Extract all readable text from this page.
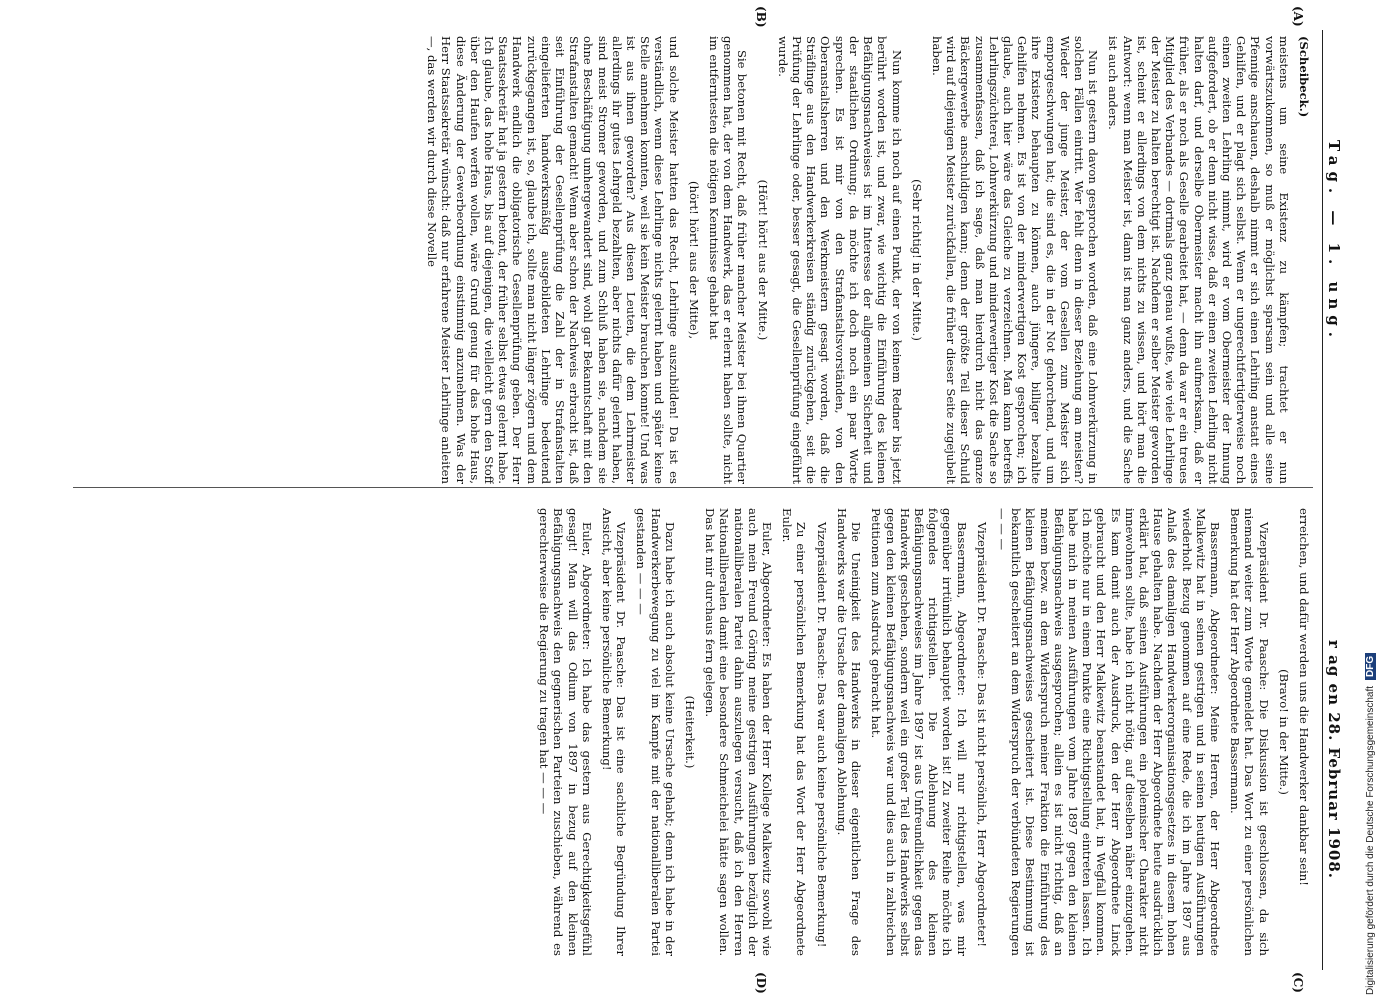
Tag. — 1. ung.
r ag en 28. Februar 1908.
(A)
(B)
(C)
(D)

(Scheibeck.)

meistens um seine Existenz zu kämpfen; trachtet er nun vorwärtszukommen, so muß er möglichst sparsam sein und alle seine Pfennige anschauen, deshalb nimmt er sich einen Lehrling anstatt eines Gehilfen, und er plagt sich selbst. Wenn er ungerechtfertigterweise noch einen zweiten Lehrling nimmt, wird er vom Obermeister der Innung aufgefordert, ob er denn nicht wisse, daß er einen zweiten Lehrling nicht halten darf, und derselbe Obermeister macht ihn aufmerksam, daß er früher, als er noch als Geselle gearbeitet hat, — denn da war er ein treues Mitglied des Verbandes — dortmals ganz genau wußte, wie viele Lehrlinge der Meister zu halten berechtigt ist. Nachdem er selber Meister geworden ist, scheint er allerdings von dem nichts zu wissen, und hört man die Antwort: wenn man Meister ist, dann ist man ganz anders, und die Sache ist auch anders.

Nun ist gestern davon gesprochen worden, daß eine Lohnverkürzung in solchen Fällen eintritt. Wer fehlt denn in dieser Beziehung am meisten? Wieder der junge Meister, der vom Gesellen zum Meister sich emporgeschwungen hat; die sind es, die in der Not gehorchend, und um ihre Existenz behaupten zu können, auch jüngere, billiger bezahlte Gehilfen nehmen. Es ist von der minderwertigen Kost gesprochen; ich glaube, auch hier wäre das Gleiche zu verzeichnen. Man kann betreffs Lehrlingszüchterei, Lohnverkürzung und minderwertiger Kost die Sache so zusammenfassen, daß ich sage, daß man hierdurch nicht das ganze Bäckergewerbe anschuldigen kann; denn der größte Teil dieser Schuld wird auf diejenigen Meister zurückfallen, die früher dieser Seite zugejubelt haben.

(Sehr richtig! in der Mitte.)

Nun komme ich noch auf einen Punkt, der von keinem Redner bis jetzt berührt worden ist, und zwar, wie wichtig die Einführung des kleinen Befähigungsnachweises ist im Interesse der allgemeinen Sicherheit und der staatlichen Ordnung; da möchte ich doch noch ein paar Worte sprechen. Es ist mir von den Strafanstaltsvorständen, von den Oberanstaltsherren und den Werkmeistern gesagt worden, daß die Sträflinge aus den Handwerkerkreisen ständig zurückgehen, seit die Prüfung der Lehrlinge oder, besser gesagt, die Gesellenprüfung eingeführt wurde.

(Hört! hört! aus der Mitte.)

Sie betonen mit Recht, daß früher mancher Meister bei ihnen Quartier genommen hat, der von dem Handwerk, das er erlernt haben sollte, nicht im entferntesten die nötigen Kenntnisse gehabt hat

(hört! hört! aus der Mitte),

und solche Meister hatten das Recht, Lehrlinge auszubilden! Da ist es verständlich, wenn diese Lehrlinge nichts gelernt haben und später keine Stelle annehmen konnten, weil sie kein Meister brauchen konnte! Und was ist aus ihnen geworden? Aus diesen Leuten, die dem Lehrmeister allerdings ihr gutes Lehrgeld bezahlten, aber nichts dafür gelernt haben, sind meist Stromer geworden, und zum Schluß haben sie, nachdem sie ohne Beschäftigung umhergewandert sind, wohl gar Bekanntschaft mit den Strafanstalten gemacht! Wenn aber schon der Nachweis erbracht ist, daß seit Einführung der Gesellenprüfung die Zahl der in Strafanstalten eingelieferten handwerksmäßig ausgebildeten Lehrlinge bedeutend zurückgegangen ist, so, glaube ich, sollte man nicht länger zögern und dem Handwerk endlich die obligatorische Gesellenprüfung geben. Der Herr Staatssekretär hat ja gestern betont, der früher selbst etwas gelernt habe. Ich glaube, das hohe Haus, bis auf diejenigen, die vielleicht gern den Stoff über den Haufen werfen wollen, wäre Grund genug für das hohe Haus, diese Änderung der Gewerbeordnung einstimmig anzunehmen. Was der Herr Staatssekretär wünscht: daß nur erfahrene Meister Lehrlinge anleiten —, das werden wir durch diese Novelle

erreichen, und dafür werden uns die Handwerker dankbar sein!

(Bravo! in der Mitte.)

Vizepräsident Dr. Paasche: Die Diskussion ist geschlossen, da sich niemand weiter zum Worte gemeldet hat. Das Wort zu einer persönlichen Bemerkung hat der Herr Abgeordnete Bassermann.

Bassermann, Abgeordneter: Meine Herren, der Herr Abgeordnete Malkewitz hat in seinen gestrigen und in seinen heutigen Ausführungen wiederholt Bezug genommen auf eine Rede, die ich im Jahre 1897 aus Anlaß des damaligen Handwerkerorganisationsgesetzes in diesem hohen Hause gehalten habe. Nachdem der Herr Abgeordnete heute ausdrücklich erklärt hat, daß seinen Ausführungen ein polemischer Charakter nicht innewohnen sollte, habe ich nicht nötig, auf dieselben näher einzugehen. Es kam damit auch der Ausdruck, den der Herr Abgeordnete Linck gebraucht und den Herr Malkewitz beanstandet hat, in Wegfall kommen. Ich möchte nur in einem Punkte eine Richtigstellung eintreten lassen. Ich habe mich in meinen Ausführungen vom Jahre 1897 gegen den kleinen Befähigungsnachweis ausgesprochen; allein es ist nicht richtig, daß an meinem bezw. an dem Widerspruch meiner Fraktion die Einführung des kleinen Befähigungsnachweises gescheitert ist. Diese Bestimmung ist bekanntlich gescheitert an dem Widerspruch der verbündeten Regierungen — — —

Vizepräsident Dr. Paasche: Das ist nicht persönlich, Herr Abgeordneter!

Bassermann, Abgeordneter: Ich will nur richtigstellen, was mir gegenüber irrtümlich behauptet worden ist! Zu zweiter Reihe möchte ich folgendes richtigstellen. Die Ablehnung des kleinen Befähigungsnachweises im Jahre 1897 ist aus Unfreundlichkeit gegen das Handwerk geschehen, sondern weil ein großer Teil des Handwerks selbst gegen den kleinen Befähigungsnachweis war und dies auch in zahlreichen Petitionen zum Ausdruck gebracht hat.

Die Uneinigkeit des Handwerks in dieser eigentlichen Frage des Handwerks war die Ursache der damaligen Ablehnung.

Vizepräsident Dr. Paasche: Das war auch keine persönliche Bemerkung!

Zu einer persönlichen Bemerkung hat das Wort der Herr Abgeordnete Euler.

Euler, Abgeordneter: Es haben der Herr Kollege Malkewitz sowohl wie auch mein Freund Göring meine gestrigen Ausführungen bezüglich der nationalliberalen Partei dahin auszulegen versucht, daß ich den Herren Nationalliberalen damit eine besondere Schmeichelei hätte sagen wollen. Das hat mir durchaus fern gelegen.

(Heiterkeit.)

Dazu habe ich auch absolut keine Ursache gehabt; denn ich habe in der Handwerkerbewegung zu viel im Kampfe mit der nationalliberalen Partei gestanden — — —

Vizepräsident Dr. Paasche: Das ist eine sachliche Begründung Ihrer Ansicht, aber keine persönliche Bemerkung!

Euler, Abgeordneter: Ich habe das gestern aus Gerechtigkeitsgefühl gesagt! Man will das Odium von 1897 in bezug auf den kleinen Befähigungsnachweis den gegnerischen Parteien zuschieben, während es gerechterweise die Regierung zu tragen hat — — —

Digitalisierung gefördert durch die Deutsche ForschungsgemeinschaftDFG
